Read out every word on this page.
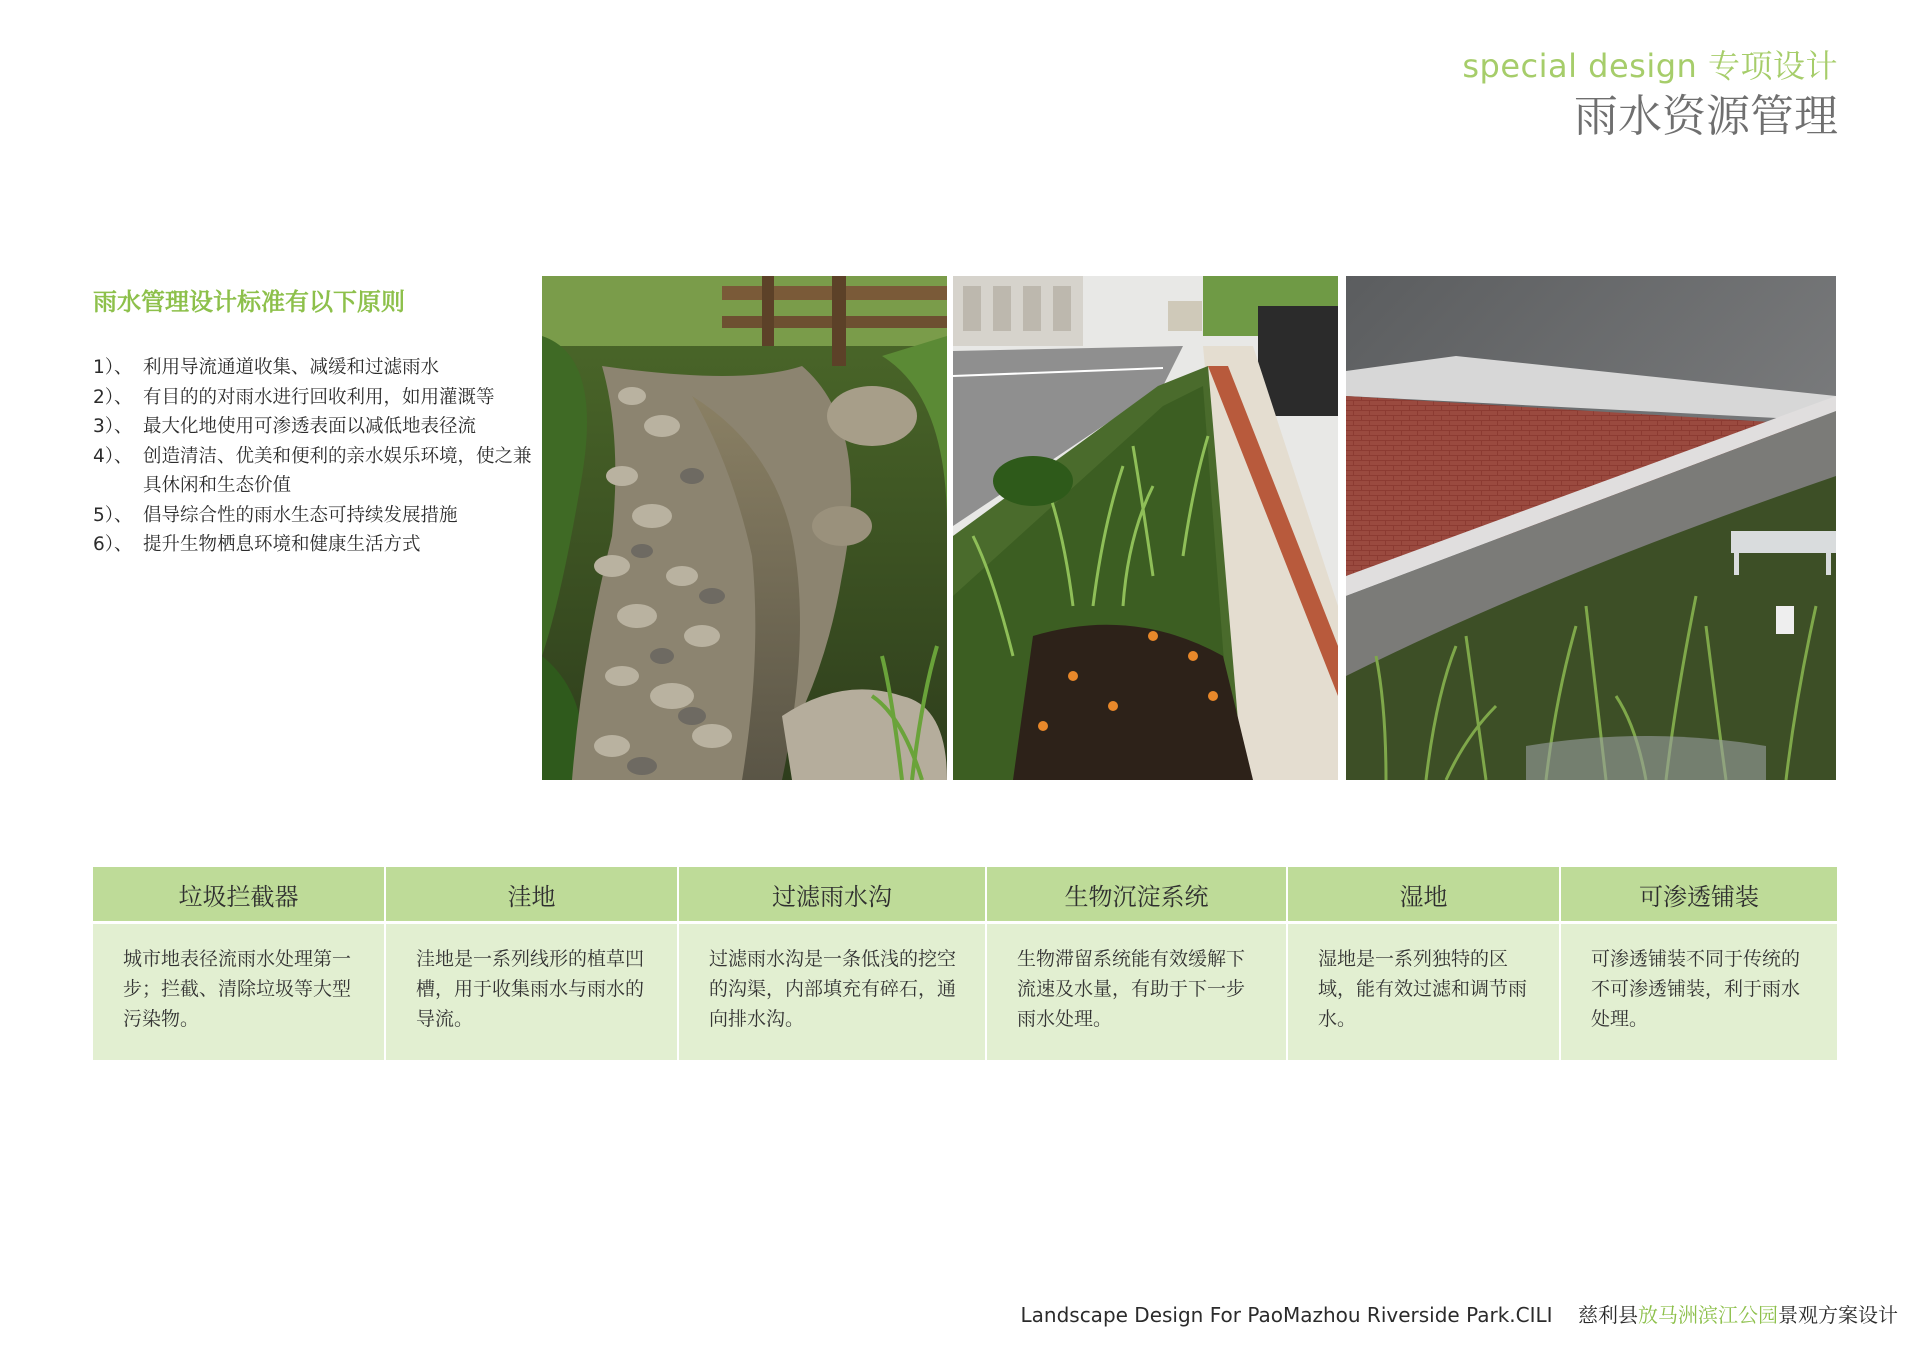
special design 专项设计
雨水资源管理
雨水管理设计标准有以下原则
1）、 利用导流通道收集、减缓和过滤雨水
2）、 有目的的对雨水进行回收利用，如用灌溉等
3）、 最大化地使用可渗透表面以减低地表径流
4）、 创造清洁、优美和便利的亲水娱乐环境，使之兼具休闲和生态价值
5）、 倡导综合性的雨水生态可持续发展措施
6）、 提升生物栖息环境和健康生活方式
垃圾拦截器	洼地	过滤雨水沟	生物沉淀系统	湿地	可渗透铺装
城市地表径流雨水处理第一步；拦截、清除垃圾等大型污染物。	洼地是一系列线形的植草凹槽，用于收集雨水与雨水的导流。	过滤雨水沟是一条低浅的挖空的沟渠，内部填充有碎石，通向排水沟。	生物滞留系统能有效缓解下流速及水量，有助于下一步雨水处理。	湿地是一系列独特的区域，能有效过滤和调节雨水。	可渗透铺装不同于传统的不可渗透铺装，利于雨水处理。
Landscape Design For PaoMazhou Riverside Park.CILI 慈利县放马洲滨江公园景观方案设计
